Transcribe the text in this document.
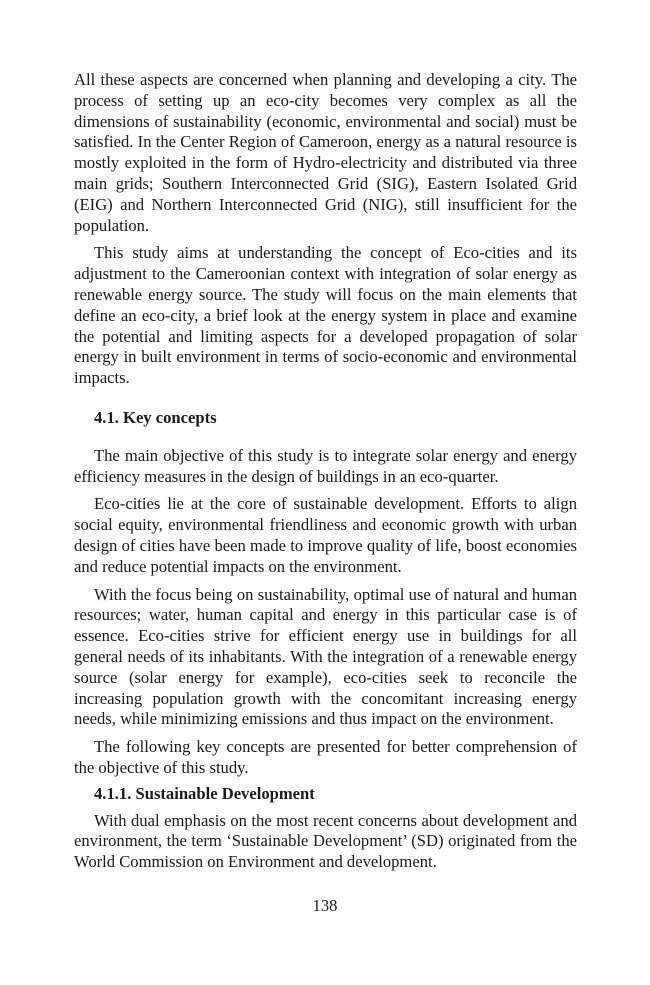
All these aspects are concerned when planning and developing a city. The process of setting up an eco-city becomes very complex as all the dimensions of sustainability (economic, environmental and social) must be satisfied. In the Center Region of Cameroon, energy as a natural resource is mostly exploited in the form of Hydro-electricity and distributed via three main grids; Southern Interconnected Grid (SIG), Eastern Isolated Grid (EIG) and Northern Interconnected Grid (NIG), still insufficient for the population.

This study aims at understanding the concept of Eco-cities and its adjustment to the Cameroonian context with integration of solar energy as renewable energy source. The study will focus on the main elements that define an eco-city, a brief look at the energy system in place and examine the potential and limiting aspects for a developed propagation of solar energy in built environment in terms of socio-economic and environmental impacts.

4.1. Key concepts

The main objective of this study is to integrate solar energy and energy efficiency measures in the design of buildings in an eco-quarter.

Eco-cities lie at the core of sustainable development. Efforts to align social equity, environmental friendliness and economic growth with urban design of cities have been made to improve quality of life, boost economies and reduce potential impacts on the environment.

With the focus being on sustainability, optimal use of natural and human resources; water, human capital and energy in this particular case is of essence. Eco-cities strive for efficient energy use in buildings for all general needs of its inhabitants. With the integration of a renewable energy source (solar energy for example), eco-cities seek to reconcile the increasing population growth with the concomitant increasing energy needs, while minimizing emissions and thus impact on the environment.

The following key concepts are presented for better comprehension of the objective of this study.

4.1.1. Sustainable Development

With dual emphasis on the most recent concerns about development and environment, the term ‘Sustainable Development’ (SD) originated from the World Commission on Environment and development.

138
